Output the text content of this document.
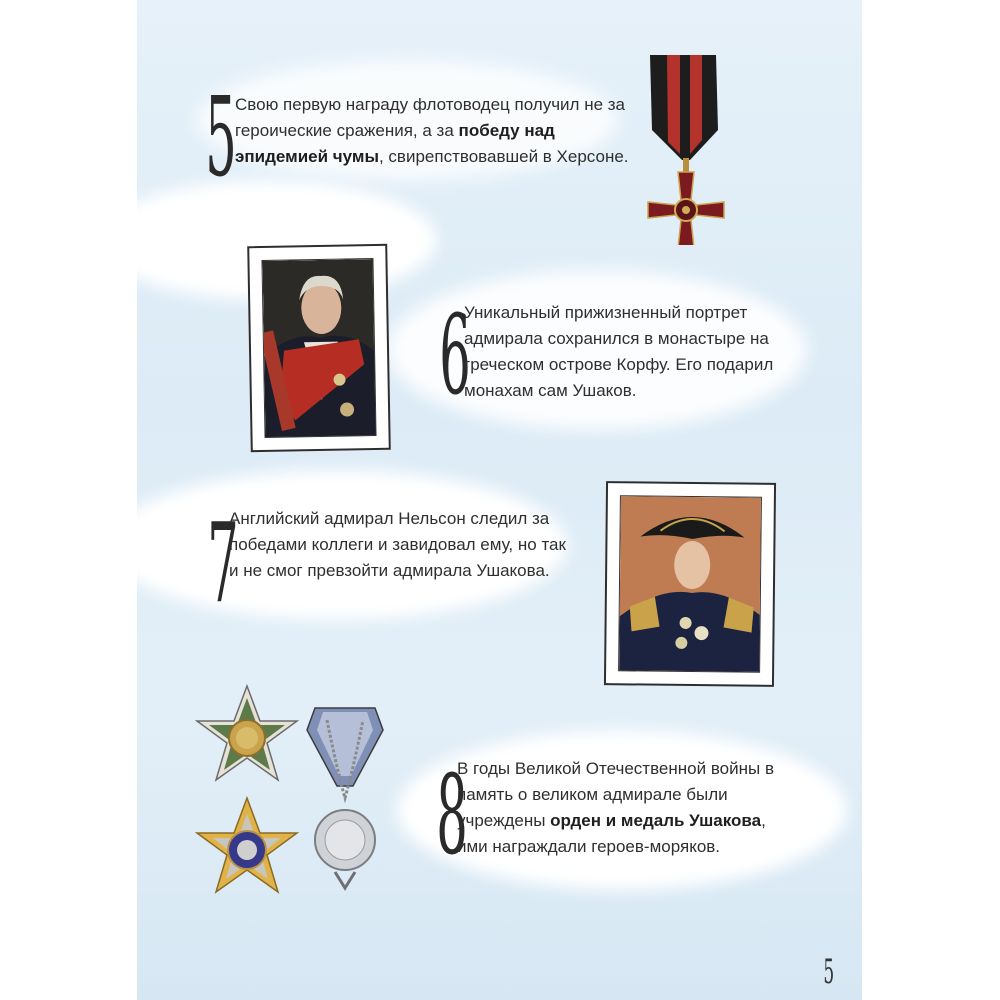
5
Свою первую награду флотоводец получил не за героические сражения, а за победу над эпидемией чумы, свирепствовавшей в Херсоне.
6
Уникальный прижизненный портрет адмирала сохранился в монастыре на греческом острове Корфу. Его подарил монахам сам Ушаков.
7
Английский адмирал Нельсон следил за победами коллеги и завидовал ему, но так и не смог превзойти адмирала Ушакова.
8
В годы Великой Отечественной войны в память о великом адмирале были учреждены орден и медаль Ушакова, ими награждали героев-моряков.
5
